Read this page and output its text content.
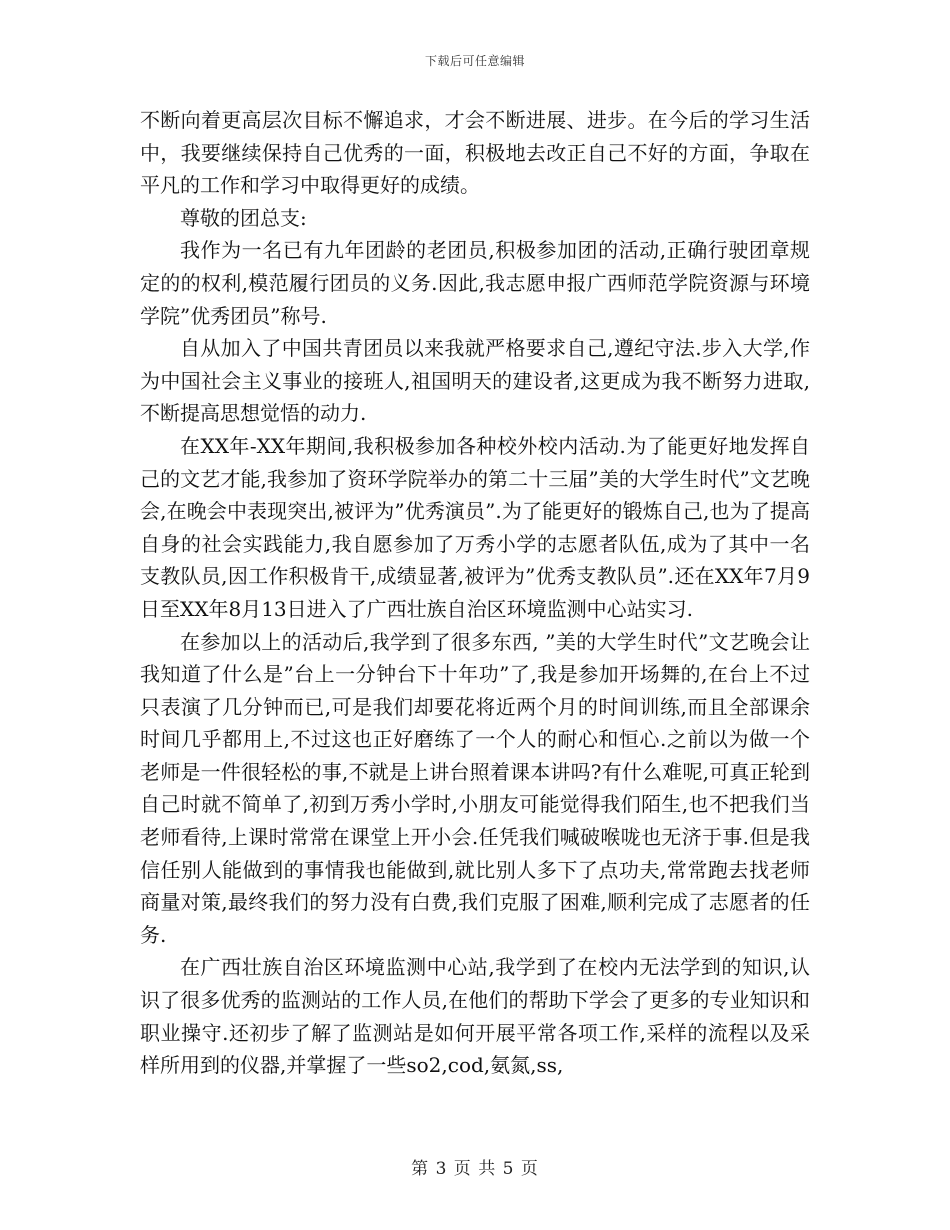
下载后可任意编辑

不断向着更高层次目标不懈追求，才会不断进展、进步。在今后的学习生活中，我要继续保持自己优秀的一面，积极地去改正自己不好的方面，争取在平凡的工作和学习中取得更好的成绩。

尊敬的团总支:

我作为一名已有九年团龄的老团员,积极参加团的活动,正确行驶团章规定的的权利,模范履行团员的义务.因此,我志愿申报广西师范学院资源与环境学院”优秀团员”称号.

自从加入了中国共青团员以来我就严格要求自己,遵纪守法.步入大学,作为中国社会主义事业的接班人,祖国明天的建设者,这更成为我不断努力进取,不断提高思想觉悟的动力.

在XX年-XX年期间,我积极参加各种校外校内活动.为了能更好地发挥自己的文艺才能,我参加了资环学院举办的第二十三届”美的大学生时代”文艺晚会,在晚会中表现突出,被评为”优秀演员”.为了能更好的锻炼自己,也为了提高自身的社会实践能力,我自愿参加了万秀小学的志愿者队伍,成为了其中一名支教队员,因工作积极肯干,成绩显著,被评为”优秀支教队员”.还在XX年7月9日至XX年8月13日进入了广西壮族自治区环境监测中心站实习.

在参加以上的活动后,我学到了很多东西, ”美的大学生时代”文艺晚会让我知道了什么是”台上一分钟台下十年功”了,我是参加开场舞的,在台上不过只表演了几分钟而已,可是我们却要花将近两个月的时间训练,而且全部课余时间几乎都用上,不过这也正好磨练了一个人的耐心和恒心.之前以为做一个老师是一件很轻松的事,不就是上讲台照着课本讲吗?有什么难呢,可真正轮到自己时就不简单了,初到万秀小学时,小朋友可能觉得我们陌生,也不把我们当老师看待,上课时常常在课堂上开小会.任凭我们喊破喉咙也无济于事.但是我信任别人能做到的事情我也能做到,就比别人多下了点功夫,常常跑去找老师商量对策,最终我们的努力没有白费,我们克服了困难,顺利完成了志愿者的任务.

在广西壮族自治区环境监测中心站,我学到了在校内无法学到的知识,认识了很多优秀的监测站的工作人员,在他们的帮助下学会了更多的专业知识和职业操守.还初步了解了监测站是如何开展平常各项工作,采样的流程以及采样所用到的仪器,并掌握了一些so2,cod,氨氮,ss,

第 3 页 共 5 页
